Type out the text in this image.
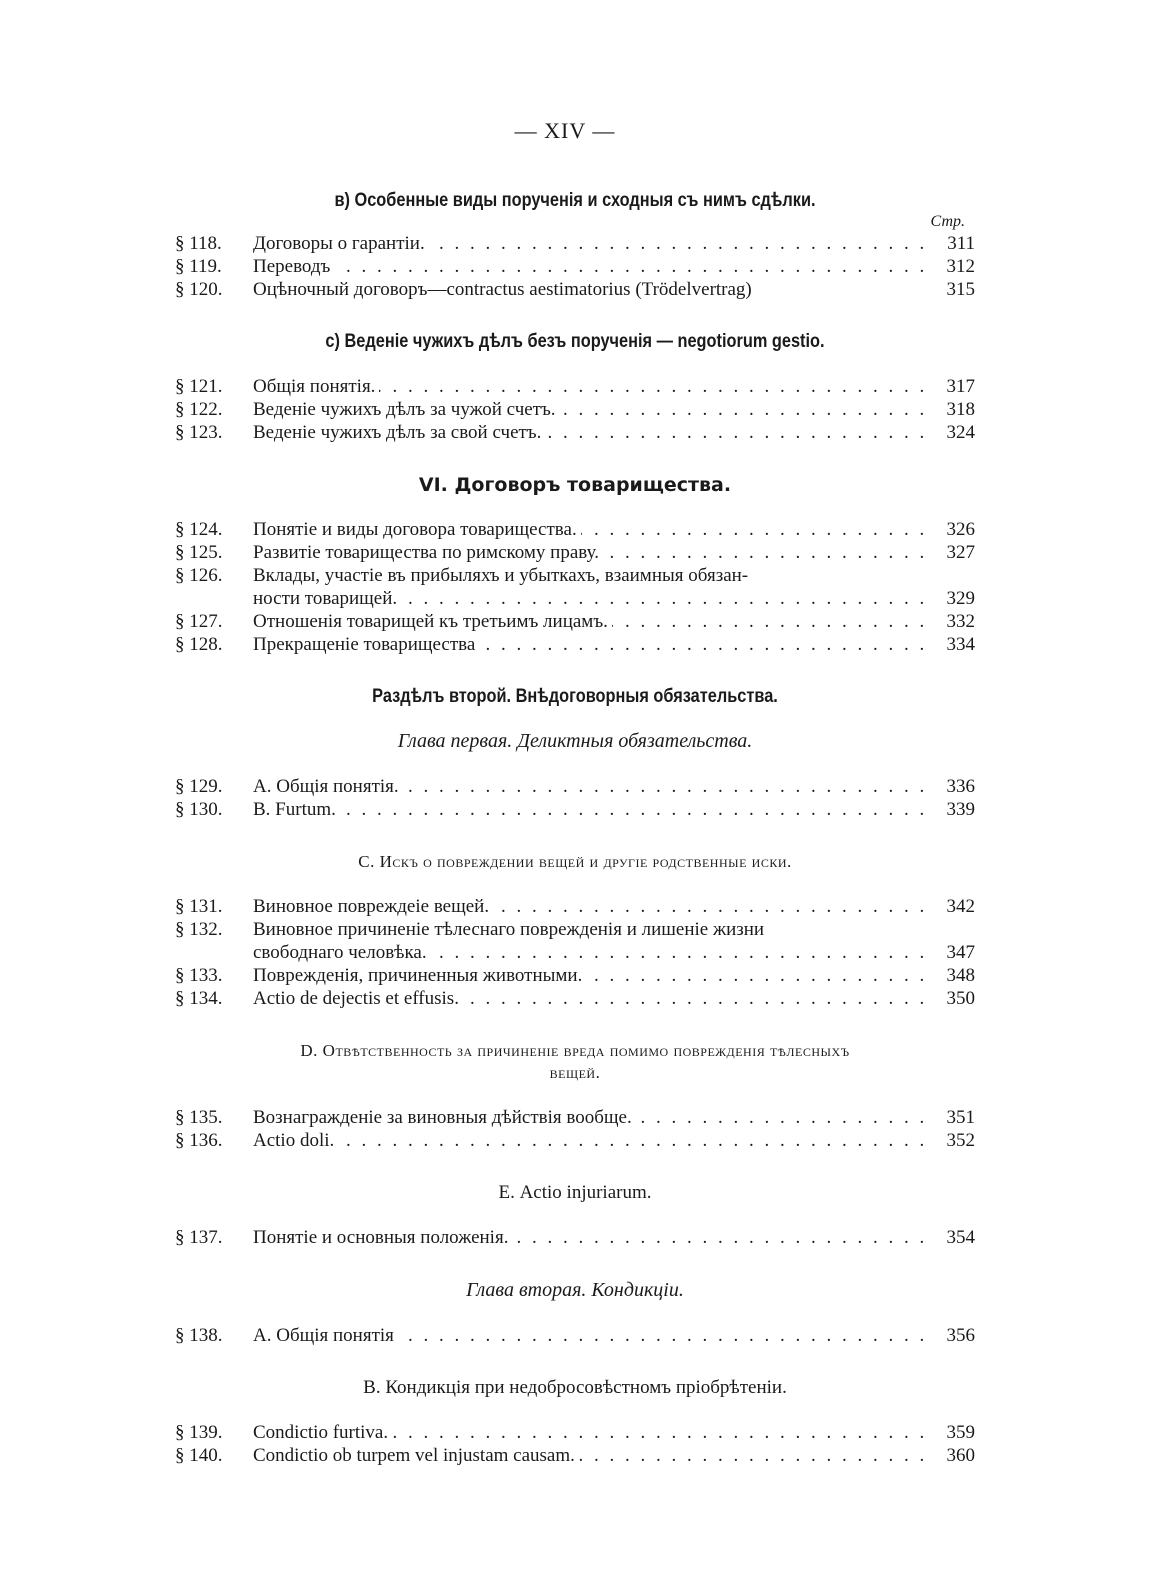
— XIV —
в) Особенные виды порученія и сходныя съ нимъ сдѣлки.
Стр.
§ 118.	Договоры о гарантіи. . . .	311
§ 119.	Переводъ . . .	312
§ 120.	Оцѣночный договоръ—contractus aestimatorius (Trödelvertrag)	315
с) Веденіе чужихъ дѣлъ безъ порученія — negotiorum gestio.
§ 121.	Общія понятія. . . .	317
§ 122.	Веденіе чужихъ дѣлъ за чужой счетъ. . . .	318
§ 123.	Веденіе чужихъ дѣлъ за свой счетъ. . . .	324
VI. Договоръ товарищества.
§ 124.	Понятіе и виды договора товарищества. . . .	326
§ 125.	Развитіе товарищества по римскому праву. . . .	327
§ 126.	Вклады, участіе въ прибыляхъ и убыткахъ, взаимныя обязан-
ности товарищей. . . .	329
§ 127.	Отношенія товарищей къ третьимъ лицамъ. . . .	332
§ 128.	Прекращеніе товарищества . . .	334
Раздѣлъ второй. Внѣдоговорныя обязательства.
Глава первая. Деликтныя обязательства.
§ 129.	А. Общія понятія. . . .	336
§ 130.	B. Furtum. . . .	339
С. Искъ о повреждении вещей и другіе родственные иски.
§ 131.	Виновное повреждеіе вещей. . . .	342
§ 132.	Виновное причиненіе тѣлеснаго поврежденія и лишеніе жизни
свободнаго человѣка. . . .	347
§ 133.	Поврежденія, причиненныя животными. . . .	348
§ 134.	Actio de dejectis et effusis. . . .	350
D. Отвѣтственность за причиненіе вреда помимо поврежденія тѣлесныхъ
вещей.
§ 135.	Вознагражденіе за виновныя дѣйствія вообще. . . .	351
§ 136.	Actio doli. . . .	352
Е. Actio injuriarum.
§ 137.	Понятіе и основныя положенія. . . .	354
Глава вторая. Кондикціи.
§ 138.	А. Общія понятія . . .	356
B. Кондикція при недобросовѣстномъ пріобрѣтеніи.
§ 139.	Condictio furtiva. . . .	359
§ 140.	Condictio ob turpem vel injustam causam. . . .	360
